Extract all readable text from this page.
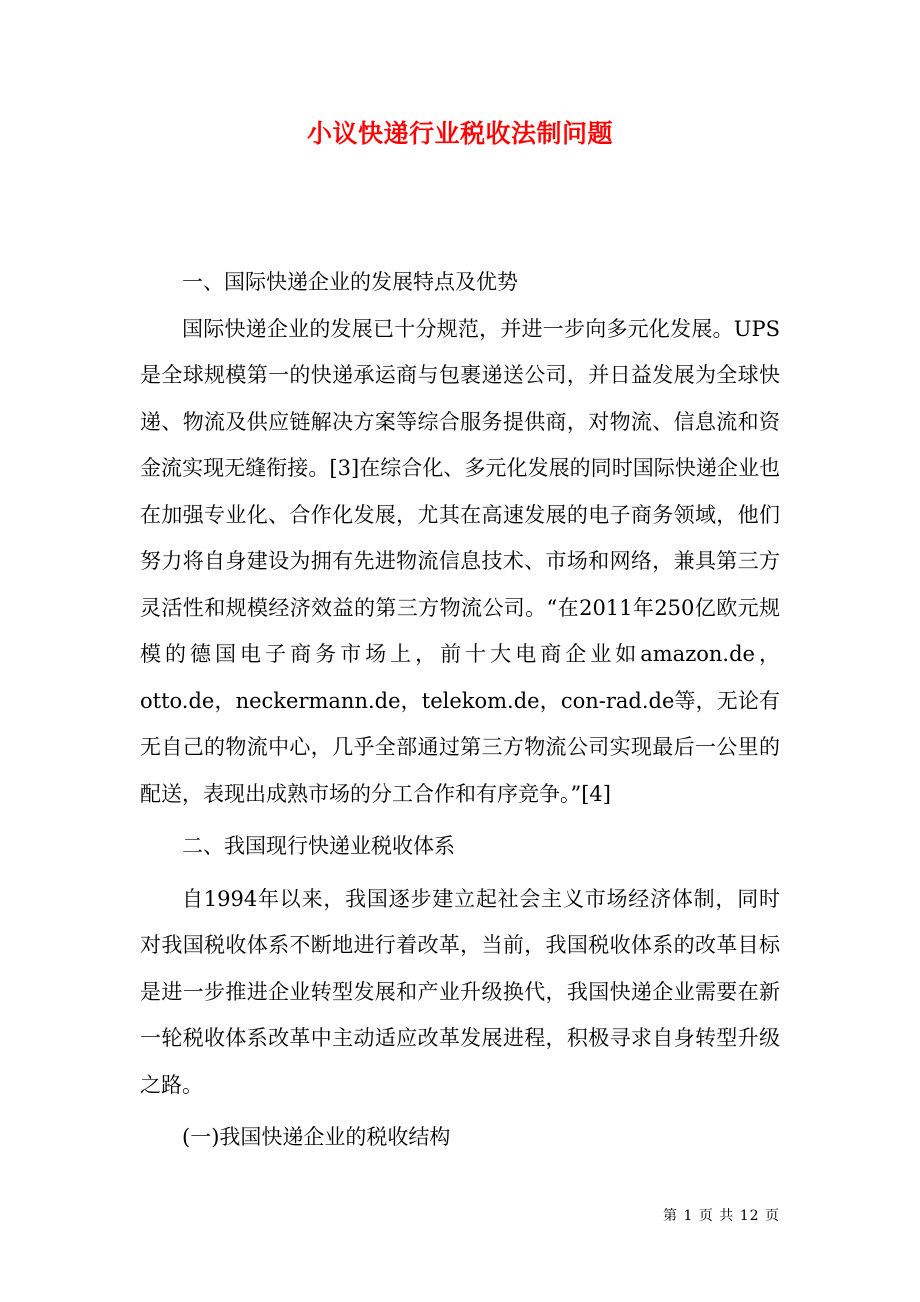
小议快递行业税收法制问题

一、国际快递企业的发展特点及优势

国际快递企业的发展已十分规范，并进一步向多元化发展。UPS是全球规模第一的快递承运商与包裹递送公司，并日益发展为全球快递、物流及供应链解决方案等综合服务提供商，对物流、信息流和资金流实现无缝衔接。[3]在综合化、多元化发展的同时国际快递企业也在加强专业化、合作化发展，尤其在高速发展的电子商务领域，他们努力将自身建设为拥有先进物流信息技术、市场和网络，兼具第三方灵活性和规模经济效益的第三方物流公司。“在2011年250亿欧元规模的德国电子商务市场上，前十大电商企业如amazon.de，otto.de，neckermann.de，telekom.de，con-rad.de等，无论有无自己的物流中心，几乎全部通过第三方物流公司实现最后一公里的配送，表现出成熟市场的分工合作和有序竞争。”[4]

二、我国现行快递业税收体系

自1994年以来，我国逐步建立起社会主义市场经济体制，同时对我国税收体系不断地进行着改革，当前，我国税收体系的改革目标是进一步推进企业转型发展和产业升级换代，我国快递企业需要在新一轮税收体系改革中主动适应改革发展进程，积极寻求自身转型升级之路。

(一)我国快递企业的税收结构

第 1 页 共 12 页
